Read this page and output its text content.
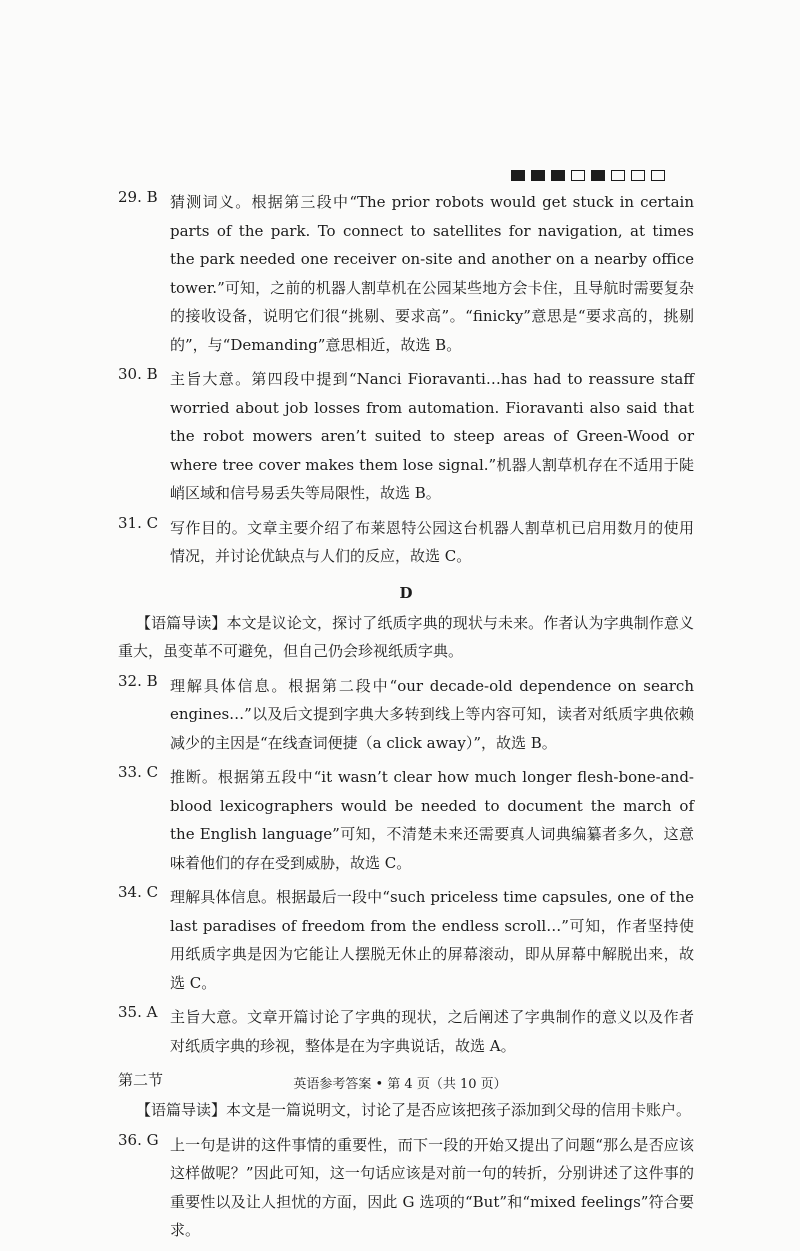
29. B 猜测词义。根据第三段中“The prior robots would get stuck in certain parts of the park. To connect to satellites for navigation, at times the park needed one receiver on-site and another on a nearby office tower.”可知，之前的机器人割草机在公园某些地方会卡住，且导航时需要复杂的接收设备，说明它们很“挑剔、要求高”。“finicky”意思是“要求高的，挑剔的”，与“Demanding”意思相近，故选 B。
30. B 主旨大意。第四段中提到“Nanci Fioravanti…has had to reassure staff worried about job losses from automation. Fioravanti also said that the robot mowers aren’t suited to steep areas of Green-Wood or where tree cover makes them lose signal.”机器人割草机存在不适用于陡峭区域和信号易丢失等局限性，故选 B。
31. C 写作目的。文章主要介绍了布莱恩特公园这台机器人割草机已启用数月的使用情况，并讨论优缺点与人们的反应，故选 C。
D
【语篇导读】本文是议论文，探讨了纸质字典的现状与未来。作者认为字典制作意义重大，虽变革不可避免，但自己仍会珍视纸质字典。
32. B 理解具体信息。根据第二段中“our decade-old dependence on search engines…”以及后文提到字典大多转到线上等内容可知，读者对纸质字典依赖减少的主因是“在线查词便捷（a click away）”，故选 B。
33. C 推断。根据第五段中“it wasn’t clear how much longer flesh-bone-and-blood lexicographers would be needed to document the march of the English language”可知，不清楚未来还需要真人词典编纂者多久，这意味着他们的存在受到威胁，故选 C。
34. C 理解具体信息。根据最后一段中“such priceless time capsules, one of the last paradises of freedom from the endless scroll…”可知，作者坚持使用纸质字典是因为它能让人摆脱无休止的屏幕滚动，即从屏幕中解脱出来，故选 C。
35. A 主旨大意。文章开篇讨论了字典的现状，之后阐述了字典制作的意义以及作者对纸质字典的珍视，整体是在为字典说话，故选 A。
第二节
【语篇导读】本文是一篇说明文，讨论了是否应该把孩子添加到父母的信用卡账户。
36. G 上一句是讲的这件事情的重要性，而下一段的开始又提出了问题“那么是否应该这样做呢？”因此可知，这一句话应该是对前一句的转折，分别讲述了这件事的重要性以及让人担忧的方面，因此 G 选项的“But”和“mixed feelings”符合要求。
英语参考答案 • 第 4 页（共 10 页）
